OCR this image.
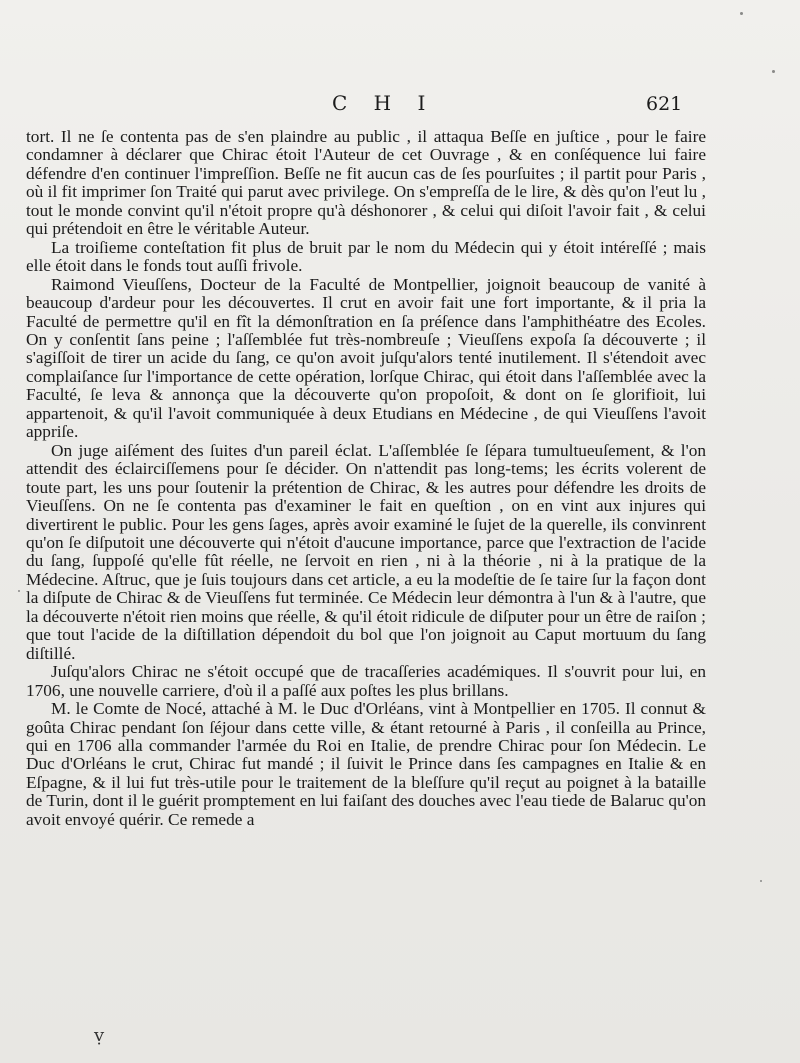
C H I	621

tort. Il ne ſe contenta pas de s'en plaindre au public , il attaqua Beſſe en juſtice , pour le faire condamner à déclarer que Chirac étoit l'Auteur de cet Ouvrage , & en conſéquence lui faire défendre d'en continuer l'impreſſion. Beſſe ne fit aucun cas de ſes pourſuites ; il partit pour Paris , où il fit imprimer ſon Traité qui parut avec privilege. On s'empreſſa de le lire, & dès qu'on l'eut lu , tout le monde convint qu'il n'étoit propre qu'à déshonorer , & celui qui diſoit l'avoir fait , & celui qui prétendoit en être le véritable Auteur.

La troiſieme conteſtation fit plus de bruit par le nom du Médecin qui y étoit intéreſſé ; mais elle étoit dans le fonds tout auſſi frivole.

Raimond Vieuſſens, Docteur de la Faculté de Montpellier, joignoit beaucoup de vanité à beaucoup d'ardeur pour les découvertes. Il crut en avoir fait une fort importante, & il pria la Faculté de permettre qu'il en fît la démonſtration en ſa préſence dans l'amphithéatre des Ecoles. On y conſentit ſans peine ; l'aſſemblée fut très-nombreuſe ; Vieuſſens expoſa ſa découverte ; il s'agiſſoit de tirer un acide du ſang, ce qu'on avoit juſqu'alors tenté inutilement. Il s'étendoit avec complaiſance ſur l'importance de cette opération, lorſque Chirac, qui étoit dans l'aſſemblée avec la Faculté, ſe leva & annonça que la découverte qu'on propoſoit, & dont on ſe glorifioit, lui appartenoit, & qu'il l'avoit communiquée à deux Etudians en Médecine , de qui Vieuſſens l'avoit appriſe.

On juge aiſément des ſuites d'un pareil éclat. L'aſſemblée ſe ſépara tumultueuſement, & l'on attendit des éclairciſſemens pour ſe décider. On n'attendit pas long-tems; les écrits volerent de toute part, les uns pour ſoutenir la prétention de Chirac, & les autres pour défendre les droits de Vieuſſens. On ne ſe contenta pas d'examiner le fait en queſtion , on en vint aux injures qui divertirent le public. Pour les gens ſages, après avoir examiné le ſujet de la querelle, ils convinrent qu'on ſe diſputoit une découverte qui n'étoit d'aucune importance, parce que l'extraction de l'acide du ſang, ſuppoſé qu'elle fût réelle, ne ſervoit en rien , ni à la théorie , ni à la pratique de la Médecine. Aſtruc, que je ſuis toujours dans cet article, a eu la modeſtie de ſe taire ſur la façon dont la diſpute de Chirac & de Vieuſſens fut terminée. Ce Médecin leur démontra à l'un & à l'autre, que la découverte n'étoit rien moins que réelle, & qu'il étoit ridicule de diſputer pour un être de raiſon ; que tout l'acide de la diſtillation dépendoit du bol que l'on joignoit au Caput mortuum du ſang diſtillé.

Juſqu'alors Chirac ne s'étoit occupé que de tracaſſeries académiques. Il s'ouvrit pour lui, en 1706, une nouvelle carriere, d'où il a paſſé aux poſtes les plus brillans.

M. le Comte de Nocé, attaché à M. le Duc d'Orléans, vint à Montpellier en 1705. Il connut & goûta Chirac pendant ſon ſéjour dans cette ville, & étant retourné à Paris , il conſeilla au Prince, qui en 1706 alla commander l'armée du Roi en Italie, de prendre Chirac pour ſon Médecin. Le Duc d'Orléans le crut, Chirac fut mandé ; il ſuivit le Prince dans ſes campagnes en Italie & en Eſpagne, & il lui fut très-utile pour le traitement de la bleſſure qu'il reçut au poignet à la bataille de Turin, dont il le guérit promptement en lui faiſant des douches avec l'eau tiede de Balaruc qu'on avoit envoyé quérir. Ce remede a

ṿ
